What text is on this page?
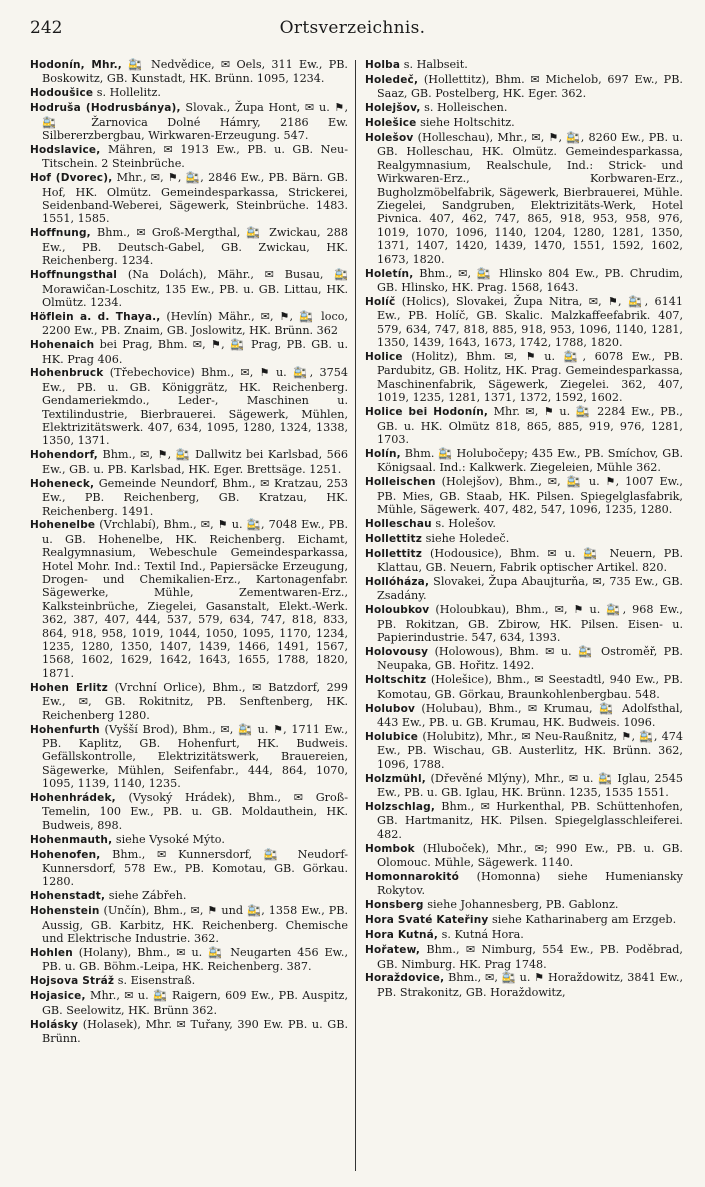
242	Ortsverzeichnis.

Hodonín, Mhr., 🚉 Nedvědice, ✉ Oels, 311 Ew., PB. Boskowitz, GB. Kunstadt, HK. Brünn. 1095, 1234.

Hodoušice s. Hollelitz.

Hodruša (Hodrusbánya), Slovak., Župa Hont, ✉ u. ⚑, 🚉 Žarnovica Dolné Hámry, 2186 Ew. Silbererzbergbau, Wirkwaren-Erzeugung. 547.

Hodslavice, Mähren, ✉ 1913 Ew., PB. u. GB. Neu-Titschein. 2 Steinbrüche.

Hof (Dvorec), Mhr., ✉, ⚑, 🚉, 2846 Ew., PB. Bärn. GB. Hof, HK. Olmütz. Gemeindesparkassa, Strickerei, Seidenband-Weberei, Sägewerk, Steinbrüche. 1483. 1551, 1585.

Hoffnung, Bhm., ✉ Groß-Mergthal, 🚉 Zwickau, 288 Ew., PB. Deutsch-Gabel, GB. Zwickau, HK. Reichenberg. 1234.

Hoffnungsthal (Na Dolách), Mähr., ✉ Busau, 🚉 Morawičan-Loschitz, 135 Ew., PB. u. GB. Littau, HK. Olmütz. 1234.

Höflein a. d. Thaya., (Hevlín) Mähr., ✉, ⚑, 🚉 loco, 2200 Ew., PB. Znaim, GB. Joslowitz, HK. Brünn. 362

Hohenaich bei Prag, Bhm. ✉, ⚑, 🚉 Prag, PB. GB. u. HK. Prag 406.

Hohenbruck (Třebechovice) Bhm., ✉, ⚑ u. 🚉, 3754 Ew., PB. u. GB. Königgrätz, HK. Reichenberg. Gendameriekmdo., Leder-, Maschinen u. Textilindustrie, Bierbrauerei. Sägewerk, Mühlen, Elektrizitätswerk. 407, 634, 1095, 1280, 1324, 1338, 1350, 1371.

Hohendorf, Bhm., ✉, ⚑, 🚉 Dallwitz bei Karlsbad, 566 Ew., GB. u. PB. Karlsbad, HK. Eger. Brettsäge. 1251.

Hoheneck, Gemeinde Neundorf, Bhm., ✉ Kratzau, 253 Ew., PB. Reichenberg, GB. Kratzau, HK. Reichenberg. 1491.

Hohenelbe (Vrchlabí), Bhm., ✉, ⚑ u. 🚉, 7048 Ew., PB. u. GB. Hohenelbe, HK. Reichenberg. Eichamt, Realgymnasium, Webeschule Gemeindesparkassa, Hotel Mohr. Ind.: Textil Ind., Papiersäcke Erzeugung, Drogen- und Chemikalien-Erz., Kartonagenfabr. Sägewerke, Mühle, Zementwaren-Erz., Kalksteinbrüche, Ziegelei, Gasanstalt, Elekt.-Werk. 362, 387, 407, 444, 537, 579, 634, 747, 818, 833, 864, 918, 958, 1019, 1044, 1050, 1095, 1170, 1234, 1235, 1280, 1350, 1407, 1439, 1466, 1491, 1567, 1568, 1602, 1629, 1642, 1643, 1655, 1788, 1820, 1871.

Hohen Erlitz (Vrchní Orlice), Bhm., ✉ Batzdorf, 299 Ew., ✉, GB. Rokitnitz, PB. Senftenberg, HK. Reichenberg 1280.

Hohenfurth (Vyšší Brod), Bhm., ✉, 🚉 u. ⚑, 1711 Ew., PB. Kaplitz, GB. Hohenfurt, HK. Budweis. Gefällskontrolle, Elektrizitätswerk, Brauereien, Sägewerke, Mühlen, Seifenfabr., 444, 864, 1070, 1095, 1139, 1140, 1235.

Hohenhrádek, (Vysoký Hrádek), Bhm., ✉ Groß-Temelin, 100 Ew., PB. u. GB. Moldauthein, HK. Budweis, 898.

Hohenmauth, siehe Vysoké Mýto.

Hohenofen, Bhm., ✉ Kunnersdorf, 🚉 Neudorf-Kunnersdorf, 578 Ew., PB. Komotau, GB. Görkau. 1280.

Hohenstadt, siehe Zábřeh.

Hohenstein (Unčín), Bhm., ✉, ⚑ und 🚉, 1358 Ew., PB. Aussig, GB. Karbitz, HK. Reichenberg. Chemische und Elektrische Industrie. 362.

Hohlen (Holany), Bhm., ✉ u. 🚉 Neugarten 456 Ew., PB. u. GB. Böhm.-Leipa, HK. Reichenberg. 387.

Hojsova Stráž s. Eisenstraß.

Hojasice, Mhr., ✉ u. 🚉 Raigern, 609 Ew., PB. Auspitz, GB. Seelowitz, HK. Brünn 362.

Holásky (Holasek), Mhr. ✉ Tuřany, 390 Ew. PB. u. GB. Brünn.

Holba s. Halbseit.

Holedeč, (Hollettitz), Bhm. ✉ Michelob, 697 Ew., PB. Saaz, GB. Postelberg, HK. Eger. 362.

Holejšov, s. Holleischen.

Holešice siehe Holtschitz.

Holešov (Holleschau), Mhr., ✉, ⚑, 🚉, 8260 Ew., PB. u. GB. Holleschau, HK. Olmütz. Gemeindesparkassa, Realgymnasium, Realschule, Ind.: Strick- und Wirkwaren-Erz., Korbwaren-Erz., Bugholzmöbelfabrik, Sägewerk, Bierbrauerei, Mühle. Ziegelei, Sandgruben, Elektrizitäts-Werk, Hotel Pivnica. 407, 462, 747, 865, 918, 953, 958, 976, 1019, 1070, 1096, 1140, 1204, 1280, 1281, 1350, 1371, 1407, 1420, 1439, 1470, 1551, 1592, 1602, 1673, 1820.

Holetín, Bhm., ✉, 🚉 Hlinsko 804 Ew., PB. Chrudim, GB. Hlinsko, HK. Prag. 1568, 1643.

Holíč (Holics), Slovakei, Župa Nitra, ✉, ⚑, 🚉, 6141 Ew., PB. Holíč, GB. Skalic. Malzkaffeefabrik. 407, 579, 634, 747, 818, 885, 918, 953, 1096, 1140, 1281, 1350, 1439, 1643, 1673, 1742, 1788, 1820.

Holice (Holitz), Bhm. ✉, ⚑ u. 🚉, 6078 Ew., PB. Pardubitz, GB. Holitz, HK. Prag. Gemeindesparkassa, Maschinenfabrik, Sägewerk, Ziegelei. 362, 407, 1019, 1235, 1281, 1371, 1372, 1592, 1602.

Holice bei Hodonín, Mhr. ✉, ⚑ u. 🚉 2284 Ew., PB., GB. u. HK. Olmütz 818, 865, 885, 919, 976, 1281, 1703.

Holín, Bhm. 🚉 Holubočepy; 435 Ew., PB. Smíchov, GB. Königsaal. Ind.: Kalkwerk. Ziegeleien, Mühle 362.

Holleischen (Holejšov), Bhm., ✉, 🚉 u. ⚑, 1007 Ew., PB. Mies, GB. Staab, HK. Pilsen. Spiegelglasfabrik, Mühle, Sägewerk. 407, 482, 547, 1096, 1235, 1280.

Holleschau s. Holešov.

Hollettitz siehe Holedeč.

Hollettitz (Hodousice), Bhm. ✉ u. 🚉 Neuern, PB. Klattau, GB. Neuern, Fabrik optischer Artikel. 820.

Hollóháza, Slovakei, Župa Abaujturňa, ✉, 735 Ew., GB. Zsadány.

Holoubkov (Holoubkau), Bhm., ✉, ⚑ u. 🚉, 968 Ew., PB. Rokitzan, GB. Zbirow, HK. Pilsen. Eisen- u. Papierindustrie. 547, 634, 1393.

Holovousy (Holowous), Bhm. ✉ u. 🚉 Ostroměř, PB. Neupaka, GB. Hořitz. 1492.

Holtschitz (Holešice), Bhm., ✉ Seestadtl, 940 Ew., PB. Komotau, GB. Görkau, Braunkohlenbergbau. 548.

Holubov (Holubau), Bhm., ✉ Krumau, 🚉 Adolfsthal, 443 Ew., PB. u. GB. Krumau, HK. Budweis. 1096.

Holubice (Holubitz), Mhr., ✉ Neu-Raußnitz, ⚑, 🚉, 474 Ew., PB. Wischau, GB. Austerlitz, HK. Brünn. 362, 1096, 1788.

Holzmühl, (Dřevěné Mlýny), Mhr., ✉ u. 🚉 Iglau, 2545 Ew., PB. u. GB. Iglau, HK. Brünn. 1235, 1535 1551.

Holzschlag, Bhm., ✉ Hurkenthal, PB. Schüttenhofen, GB. Hartmanitz, HK. Pilsen. Spiegelglasschleiferei. 482.

Hombok (Hluboček), Mhr., ✉; 990 Ew., PB. u. GB. Olomouc. Mühle, Sägewerk. 1140.

Homonnarokitó (Homonna) siehe Humeniansky Rokytov.

Honsberg siehe Johannesberg, PB. Gablonz.

Hora Svaté Kateřiny siehe Katharinaberg am Erzgeb.

Hora Kutná, s. Kutná Hora.

Hořatew, Bhm., ✉ Nimburg, 554 Ew., PB. Poděbrad, GB. Nimburg. HK. Prag 1748.

Horaždovice, Bhm., ✉, 🚉 u. ⚑ Horaždowitz, 3841 Ew., PB. Strakonitz, GB. Horaždowitz,
